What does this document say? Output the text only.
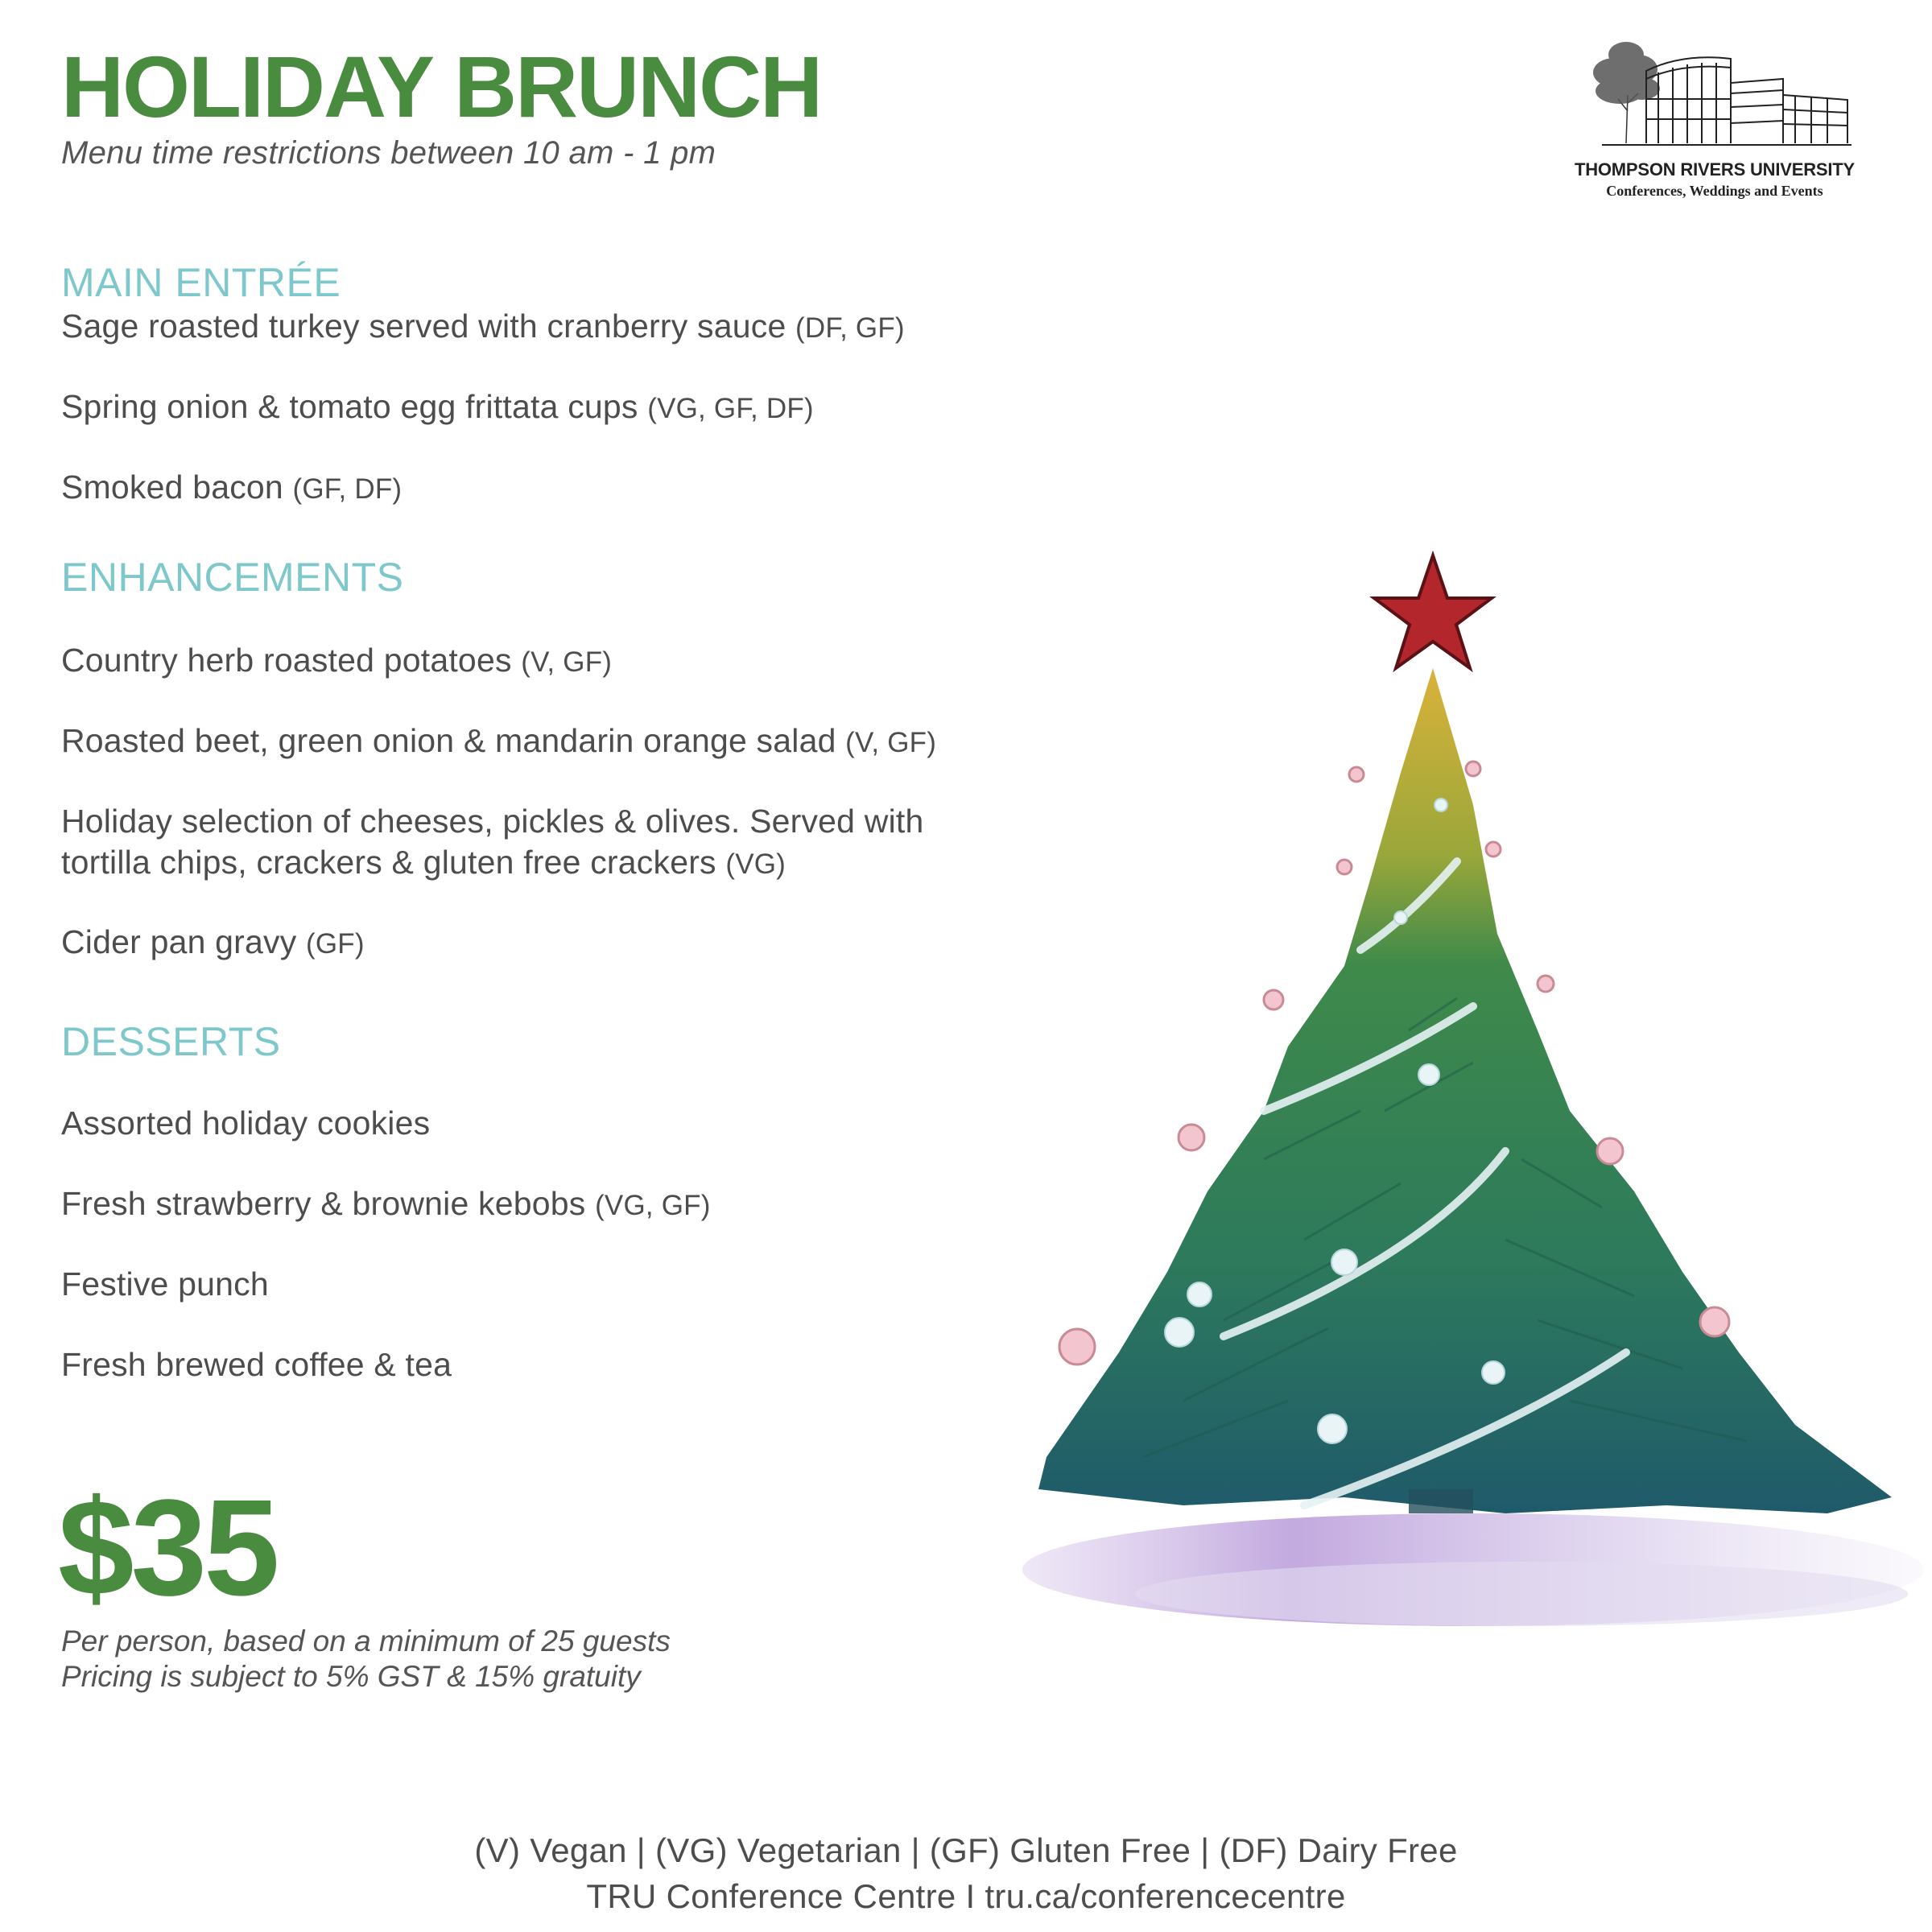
HOLIDAY BRUNCH
Menu time restrictions between 10 am - 1 pm	THOMPSON RIVERS UNIVERSITY
Conferences, Weddings and Events
MAIN ENTRÉE
Sage roasted turkey served with cranberry sauce (DF, GF)
Spring onion & tomato egg frittata cups (VG, GF, DF)
Smoked bacon (GF, DF)
ENHANCEMENTS
Country herb roasted potatoes (V, GF)
Roasted beet, green onion & mandarin orange salad (V, GF)
Holiday selection of cheeses, pickles & olives. Served with
tortilla chips, crackers & gluten free crackers (VG)
Cider pan gravy (GF)
DESSERTS
Assorted holiday cookies
Fresh strawberry & brownie kebobs (VG, GF)
Festive punch
Fresh brewed coffee & tea
$35
Per person, based on a minimum of 25 guests
Pricing is subject to 5% GST & 15% gratuity
(V) Vegan | (VG) Vegetarian | (GF) Gluten Free | (DF) Dairy Free
TRU Conference Centre I tru.ca/conferencecentre
